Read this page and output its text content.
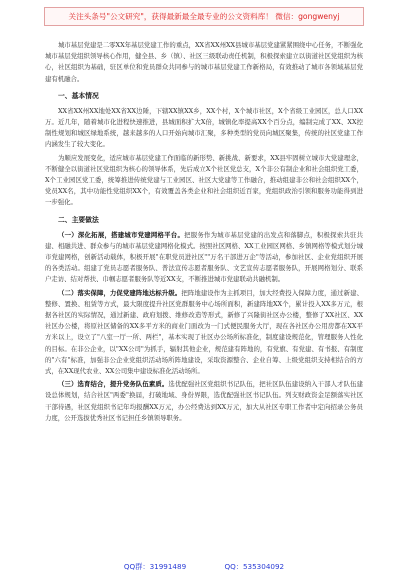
关注头条号"公文研究"，获得最新最全最专业的公文资料库！ 微信：gongwenyj

城市基层党建是二零XX年基层党建工作的重点，XX省XX州XX县城市基层党建紧紧围绕中心任务，不断强化城市基层党组织领导核心作用，健全县、乡（镇）、社区三级联动责任机制，积极探索建立以街道社区党组织为核心，社区组织为基础，驻区单位和党员群众共同参与的城市基层党建工作新格局，有效推动了城市各领域基层党建有机融合。

一、基本情况

XX省XX州XX地处XX省XX边陲，下辖XX镇XX乡，XX个村，X个城市社区，X个省级工业园区，总人口XX万。近几年，随着城市化进程快速推进，县城面积扩大X倍，城镇化率提高XX个百分点，编制完成了XX、XX控制性规划和城区绿地系统，越来越多的人口开始向城市汇聚，多种类型的党员向城区聚集，传统的社区党建工作内涵发生了较大变化。

为顺应发展变化，适应城市基层党建工作面临的新形势、新挑战、新要求，XX县牢固树立城市大党建理念，不断健全以街道社区党组织为核心的领导体系，先后成立X个社区党总支，X个非公有制企业和社会组织党工委，X个工业园区党工委，统筹推进传统党建与工业园区、社区大党建等工作融合，推动组建非公和社会组织XX个，党员XX名，其中功能性党组织XX个，有效覆盖各类企业和社会组织近百家，党组织政治引领和服务功能得到进一步强化。

二、主要做法

（一）深化拓展，搭建城市党建网格平台。把服务作为城市基层党建的出发点和落脚点，积极探索共驻共建、相融共进、群众参与的城市基层党建网格化模式。按照社区网格、XX工业园区网格、乡镇网格等模式划分城市党建网格，创新活动载体，积极开展"在职党员进社区""万名干部进万企"等活动，参加社区、企业党组织开展的各类活动。组建了党员志愿者服务队、普法宣传志愿者服务队、文艺宣传志愿者服务队，开展网格划分、联系户走访、结对帮扶、巾帼志愿者服务队等近XX支，不断推进城市党建联动共融机制。

（二）落实保障，力促党建阵地达标升级。把阵地建设作为主抓项目，加大经费投入保障力度，通过新建、整修、置换、租赁等方式，最大限度提升社区党群服务中心场所面积，新建阵地XX个，累计投入XX多万元，根据各社区的实际情况，通过新建、政府划拨、维修改造等形式，新修了兴隆街社区办公楼，整修了XX社区、XX社区办公楼，将原社区储备的XX多平方米的商业门面改为一门式便民服务大厅，现在各社区办公用房都在XX平方米以上，设立了"八室一厅一所、两栏"，基本实现了社区办公场所标准化，制度建设规范化，管理服务人性化的目标。在非公企业，以"XX公司"为抓手，辐射其他企业，规范建有阵地的，有党旗、有党建、有书报、有制度的"六有"标准，加强非公企业党组织活动场所阵地建设，采取资源整合、企业自筹、上级党组织支持相结合的方式，在XX现代农业、XX公司集中建设标准化活动场所。

（三）选育结合，提升党务队伍素质。选优配强社区党组织书记队伍，把社区队伍建设纳入干部人才队伍建设总体规划，结合社区"两委"换届，打破地域、身份界限，选优配强社区书记队伍。列支财政资金足额落实社区干部待遇，社区党组织书记年均报酬XX万元，办公经费达到XX万元，加大从社区专职工作者中定向招录公务员力度，公开选拔优秀社区书记担任乡镇领导职务。

QQ群：31991489	QQ：535304092
